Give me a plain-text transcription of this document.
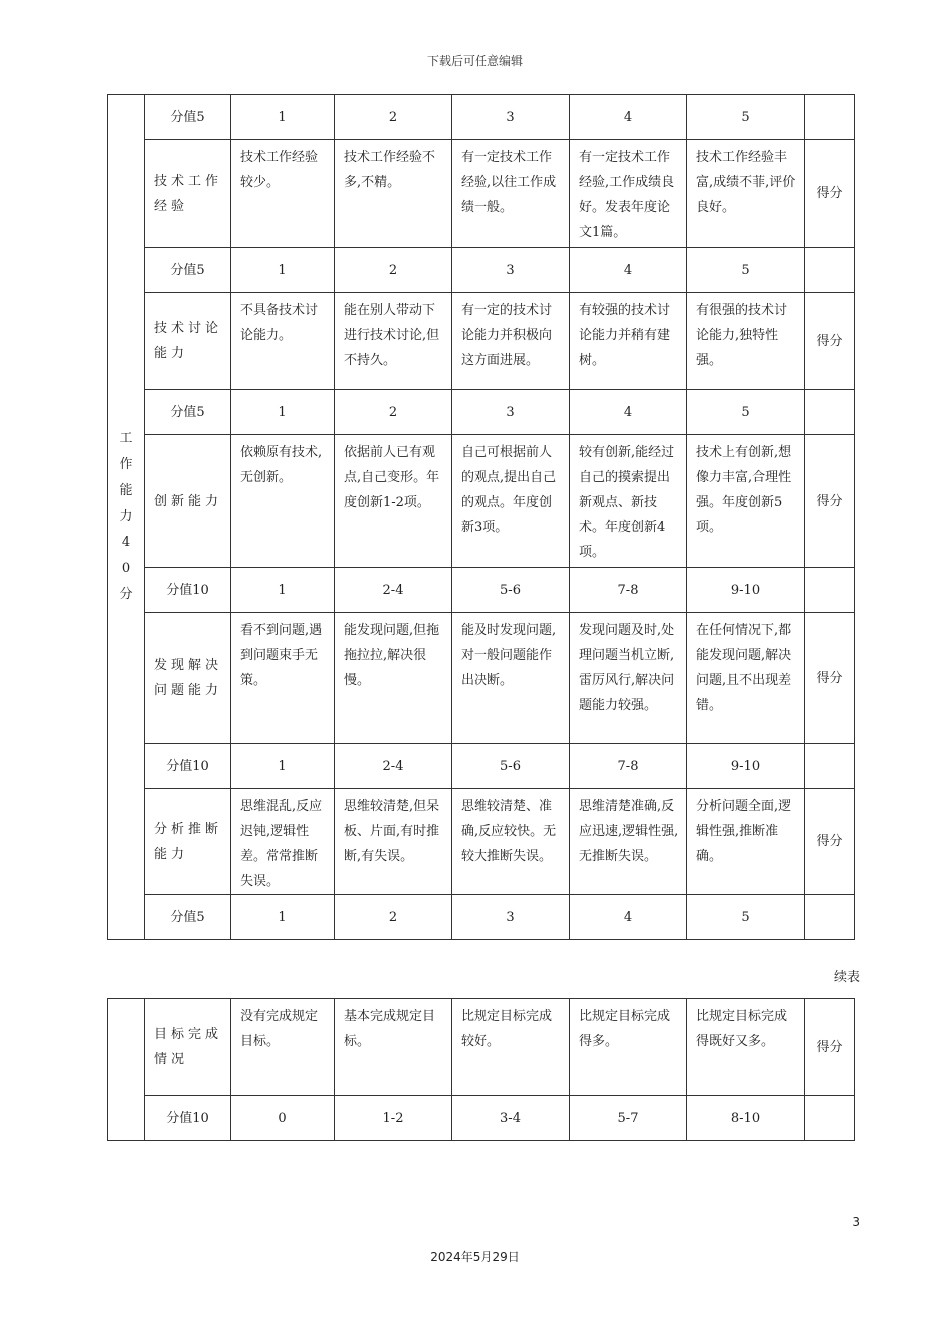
下载后可任意编辑
工作能力40分	分值5	1	2	3	4	5	

	技术工作经验	技术工作经验较少。	技术工作经验不多,不精。	有一定技术工作经验,以往工作成绩一般。	有一定技术工作经验,工作成绩良好。发表年度论文1篇。	技术工作经验丰富,成绩不菲,评价良好。	得分
	分值5	1	2	3	4	5	

	技术讨论能力	不具备技术讨论能力。	能在别人带动下进行技术讨论,但不持久。	有一定的技术讨论能力并积极向这方面进展。	有较强的技术讨论能力并稍有建树。	有很强的技术讨论能力,独特性强。	得分
	分值5	1	2	3	4	5	

	创新能力	依赖原有技术,无创新。	依据前人已有观点,自己变形。年度创新1-2项。	自己可根据前人的观点,提出自己的观点。年度创新3项。	较有创新,能经过自己的摸索提出新观点、新技术。年度创新4项。	技术上有创新,想像力丰富,合理性强。年度创新5项。	得分
	分值10	1	2-4	5-6	7-8	9-10	

	发现解决问题能力	看不到问题,遇到问题束手无策。	能发现问题,但拖拖拉拉,解决很慢。	能及时发现问题,对一般问题能作出决断。	发现问题及时,处理问题当机立断,雷厉风行,解决问题能力较强。	在任何情况下,都能发现问题,解决问题,且不出现差错。	得分
	分值10	1	2-4	5-6	7-8	9-10	

	分析推断能力	思维混乱,反应迟钝,逻辑性差。常常推断失误。	思维较清楚,但呆板、片面,有时推断,有失误。	思维较清楚、准确,反应较快。无较大推断失误。	思维清楚准确,反应迅速,逻辑性强,无推断失误。	分析问题全面,逻辑性强,推断准确。	得分
	分值5	1	2	3	4	5	
续表

	目标完成情况	没有完成规定目标。	基本完成规定目标。	比规定目标完成较好。	比规定目标完成得多。	比规定目标完成得既好又多。	得分
	分值10	0	1-2	3-4	5-7	8-10	
3
2024年5月29日
